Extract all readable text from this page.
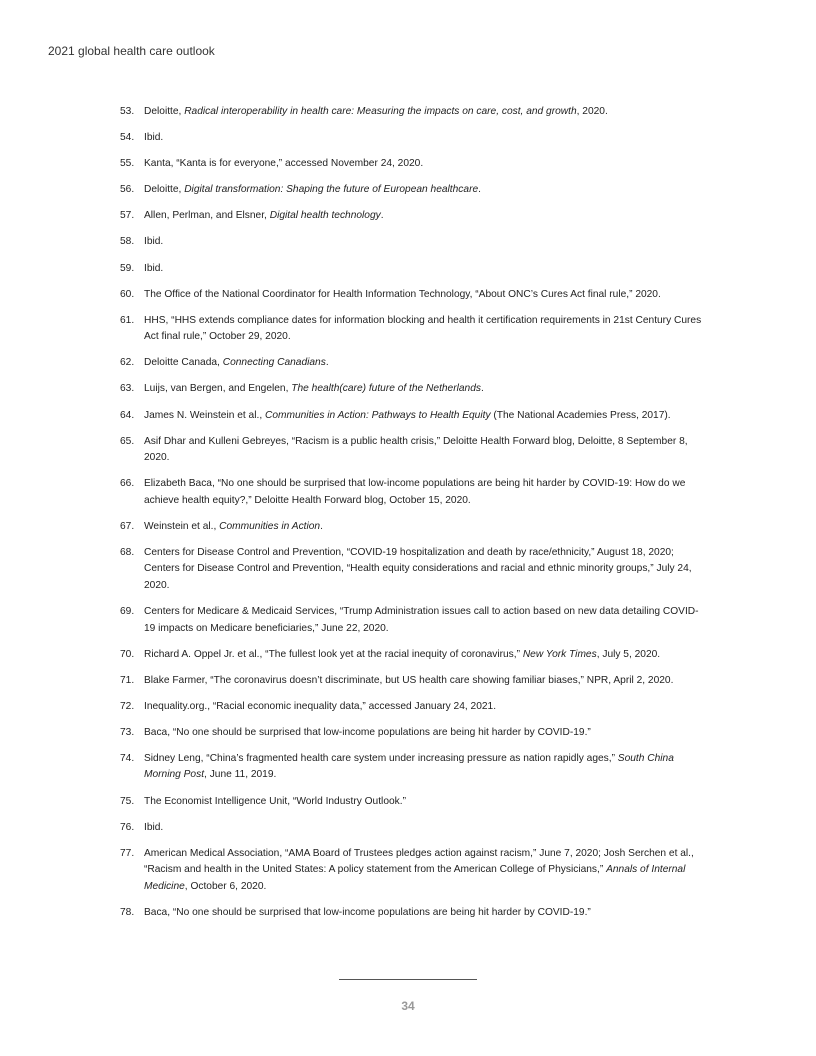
2021 global health care outlook
53. Deloitte, Radical interoperability in health care: Measuring the impacts on care, cost, and growth, 2020.
54. Ibid.
55. Kanta, “Kanta is for everyone,” accessed November 24, 2020.
56. Deloitte, Digital transformation: Shaping the future of European healthcare.
57. Allen, Perlman, and Elsner, Digital health technology.
58. Ibid.
59. Ibid.
60. The Office of the National Coordinator for Health Information Technology, “About ONC’s Cures Act final rule,” 2020.
61. HHS, “HHS extends compliance dates for information blocking and health it certification requirements in 21st Century Cures Act final rule,” October 29, 2020.
62. Deloitte Canada, Connecting Canadians.
63. Luijs, van Bergen, and Engelen, The health(care) future of the Netherlands.
64. James N. Weinstein et al., Communities in Action: Pathways to Health Equity (The National Academies Press, 2017).
65. Asif Dhar and Kulleni Gebreyes, “Racism is a public health crisis,” Deloitte Health Forward blog, Deloitte, 8 September 8, 2020.
66. Elizabeth Baca, “No one should be surprised that low-income populations are being hit harder by COVID-19: How do we achieve health equity?,” Deloitte Health Forward blog, October 15, 2020.
67. Weinstein et al., Communities in Action.
68. Centers for Disease Control and Prevention, “COVID-19 hospitalization and death by race/ethnicity,” August 18, 2020; Centers for Disease Control and Prevention, “Health equity considerations and racial and ethnic minority groups,” July 24, 2020.
69. Centers for Medicare & Medicaid Services, “Trump Administration issues call to action based on new data detailing COVID-19 impacts on Medicare beneficiaries,” June 22, 2020.
70. Richard A. Oppel Jr. et al., “The fullest look yet at the racial inequity of coronavirus,” New York Times, July 5, 2020.
71. Blake Farmer, “The coronavirus doesn’t discriminate, but US health care showing familiar biases,” NPR, April 2, 2020.
72. Inequality.org., “Racial economic inequality data,” accessed January 24, 2021.
73. Baca, “No one should be surprised that low-income populations are being hit harder by COVID-19.”
74. Sidney Leng, “China’s fragmented health care system under increasing pressure as nation rapidly ages,” South China Morning Post, June 11, 2019.
75. The Economist Intelligence Unit, “World Industry Outlook.”
76. Ibid.
77. American Medical Association, “AMA Board of Trustees pledges action against racism,” June 7, 2020; Josh Serchen et al., “Racism and health in the United States: A policy statement from the American College of Physicians,” Annals of Internal Medicine, October 6, 2020.
78. Baca, “No one should be surprised that low-income populations are being hit harder by COVID-19.”
34
